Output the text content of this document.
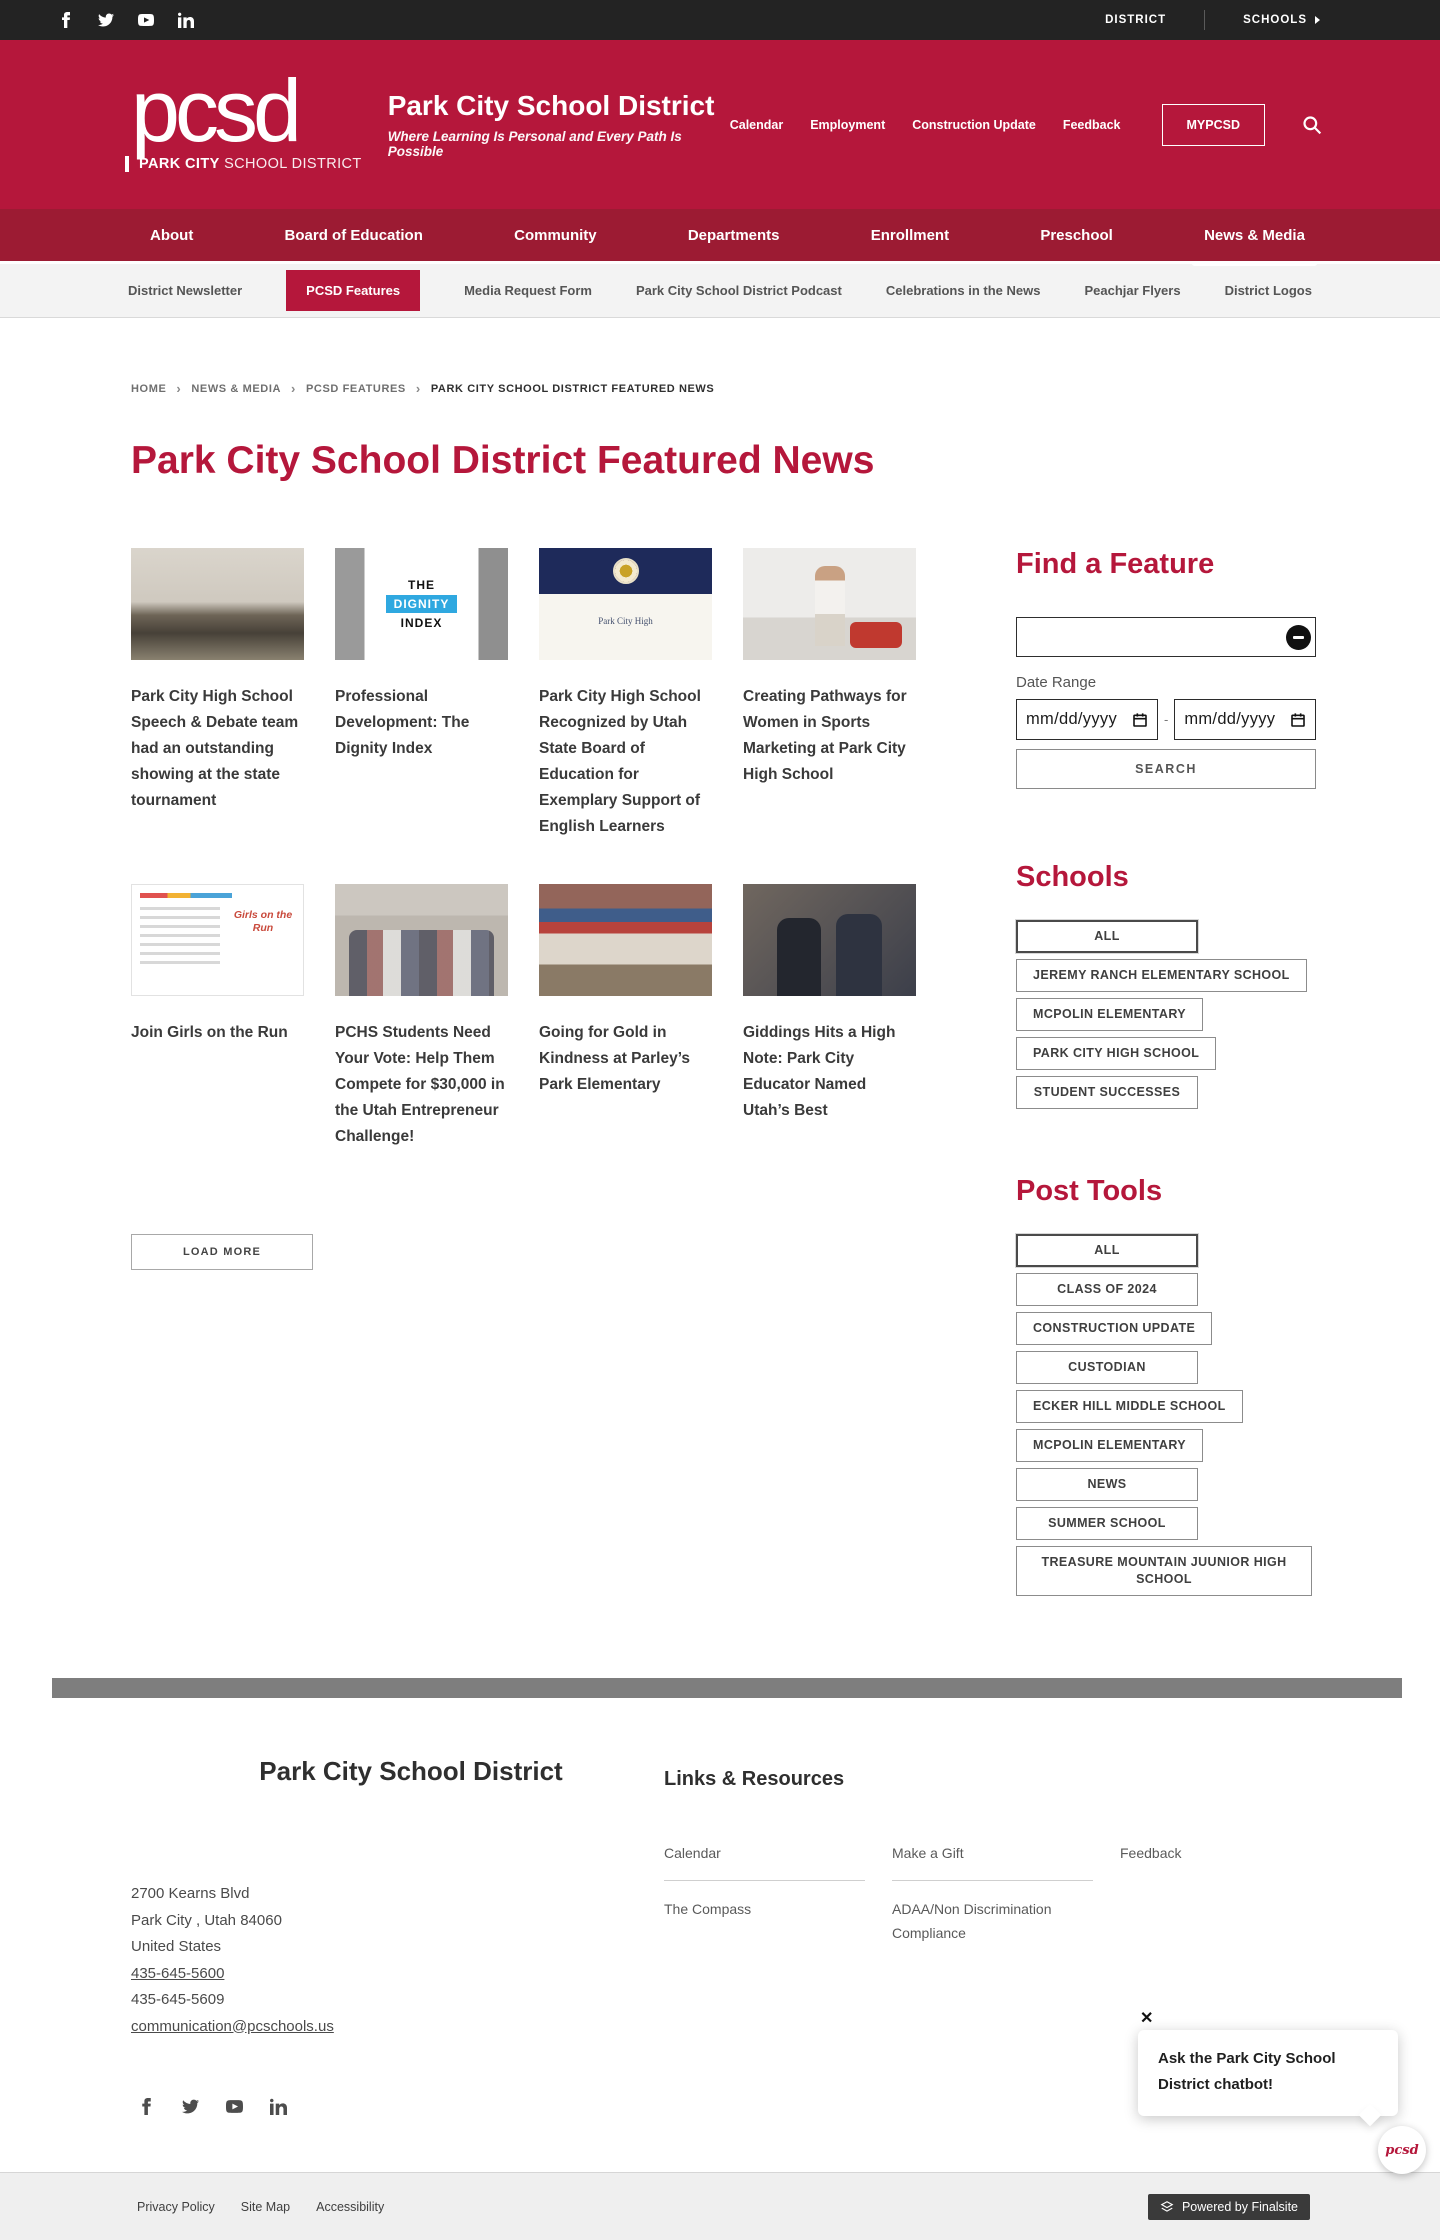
DISTRICT	SCHOOLS
pcsd
PARK CITY SCHOOL DISTRICT
Park City School District
Where Learning Is Personal and Every Path Is Possible
Calendar Employment Construction Update Feedback	MYPCSD
About	Board of Education	Community	Departments	Enrollment	Preschool	News & Media
District Newsletter	PCSD Features	Media Request Form	Park City School District Podcast	Celebrations in the News	Peachjar Flyers	District Logos
HOME › NEWS & MEDIA › PCSD FEATURES › PARK CITY SCHOOL DISTRICT FEATURED NEWS
Park City School District Featured News
Park City High School Speech & Debate team had an outstanding showing at the state tournament
THE
DIGNITY
INDEX
Professional Development: The Dignity Index
Park City High
Park City High School Recognized by Utah State Board of Education for Exemplary Support of English Learners
Creating Pathways for Women in Sports Marketing at Park City High School
Girls on the Run
Join Girls on the Run	PCHS Students Need Your Vote: Help Them Compete for $30,000 in the Utah Entrepreneur Challenge!
Going for Gold in Kindness at Parley’s Park Elementary
Giddings Hits a High Note: Park City Educator Named Utah’s Best
LOAD MORE
Find a Feature
Date Range
mm/dd/yyyy	- mm/dd/yyyy
SEARCH
Schools
ALL
JEREMY RANCH ELEMENTARY SCHOOL
MCPOLIN ELEMENTARY
PARK CITY HIGH SCHOOL
STUDENT SUCCESSES
Post Tools
ALL
CLASS OF 2024
CONSTRUCTION UPDATE
CUSTODIAN
ECKER HILL MIDDLE SCHOOL
MCPOLIN ELEMENTARY
NEWS
SUMMER SCHOOL
TREASURE MOUNTAIN JUUNIOR HIGH SCHOOL
Park City School District
2700 Kearns Blvd
Park City , Utah 84060
United States
435-645-5600
435-645-5609
communication@pcschools.us
Links & Resources
Calendar
The Compass
Make a Gift
ADAA/Non Discrimination Compliance
Feedback
Privacy Policy Site Map Accessibility	Powered by Finalsite
✕
Ask the Park City School District chatbot!
pcsd
